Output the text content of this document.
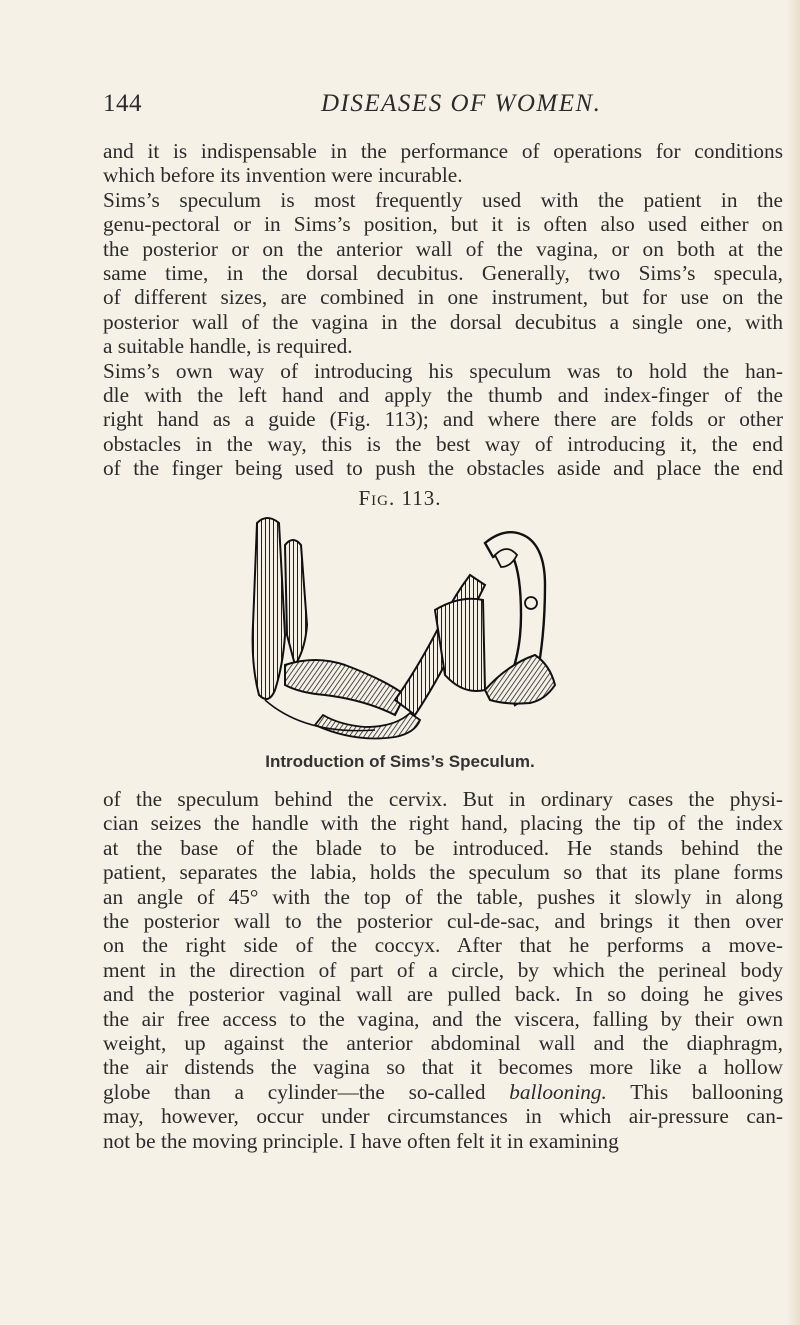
144	DISEASES OF WOMEN.
and it is indispensable in the performance of operations for conditions
which before its invention were incurable.
Sims’s speculum is most frequently used with the patient in the
genu-pectoral or in Sims’s position, but it is often also used either on
the posterior or on the anterior wall of the vagina, or on both at the
same time, in the dorsal decubitus. Generally, two Sims’s specula,
of different sizes, are combined in one instrument, but for use on the
posterior wall of the vagina in the dorsal decubitus a single one, with
a suitable handle, is required.
Sims’s own way of introducing his speculum was to hold the han-
dle with the left hand and apply the thumb and index-finger of the
right hand as a guide (Fig. 113); and where there are folds or other
obstacles in the way, this is the best way of introducing it, the end
of the finger being used to push the obstacles aside and place the end
Fig. 113.
Introduction of Sims’s Speculum.
of the speculum behind the cervix. But in ordinary cases the physi-
cian seizes the handle with the right hand, placing the tip of the index
at the base of the blade to be introduced. He stands behind the
patient, separates the labia, holds the speculum so that its plane forms
an angle of 45° with the top of the table, pushes it slowly in along
the posterior wall to the posterior cul-de-sac, and brings it then over
on the right side of the coccyx. After that he performs a move-
ment in the direction of part of a circle, by which the perineal body
and the posterior vaginal wall are pulled back. In so doing he gives
the air free access to the vagina, and the viscera, falling by their own
weight, up against the anterior abdominal wall and the diaphragm,
the air distends the vagina so that it becomes more like a hollow
globe than a cylinder—the so-called ballooning. This ballooning
may, however, occur under circumstances in which air-pressure can-
not be the moving principle. I have often felt it in examining
